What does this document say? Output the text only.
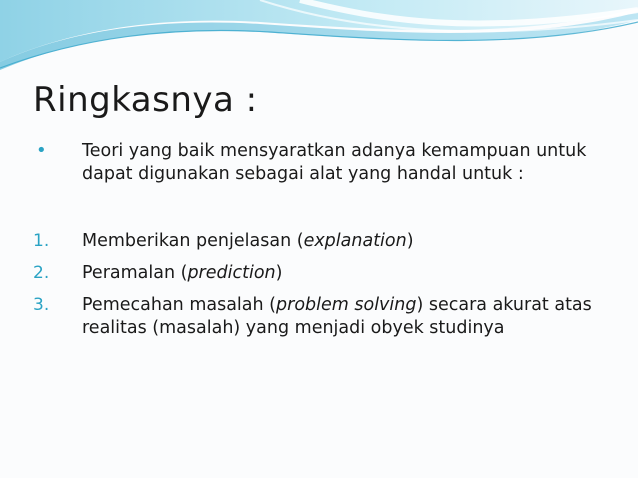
Ringkasnya :
• Teori yang baik mensyaratkan adanya kemampuan untuk dapat digunakan sebagai alat yang handal untuk :
1. Memberikan penjelasan (explanation)
2. Peramalan (prediction)
3. Pemecahan masalah (problem solving) secara akurat atas realitas (masalah) yang menjadi obyek studinya
